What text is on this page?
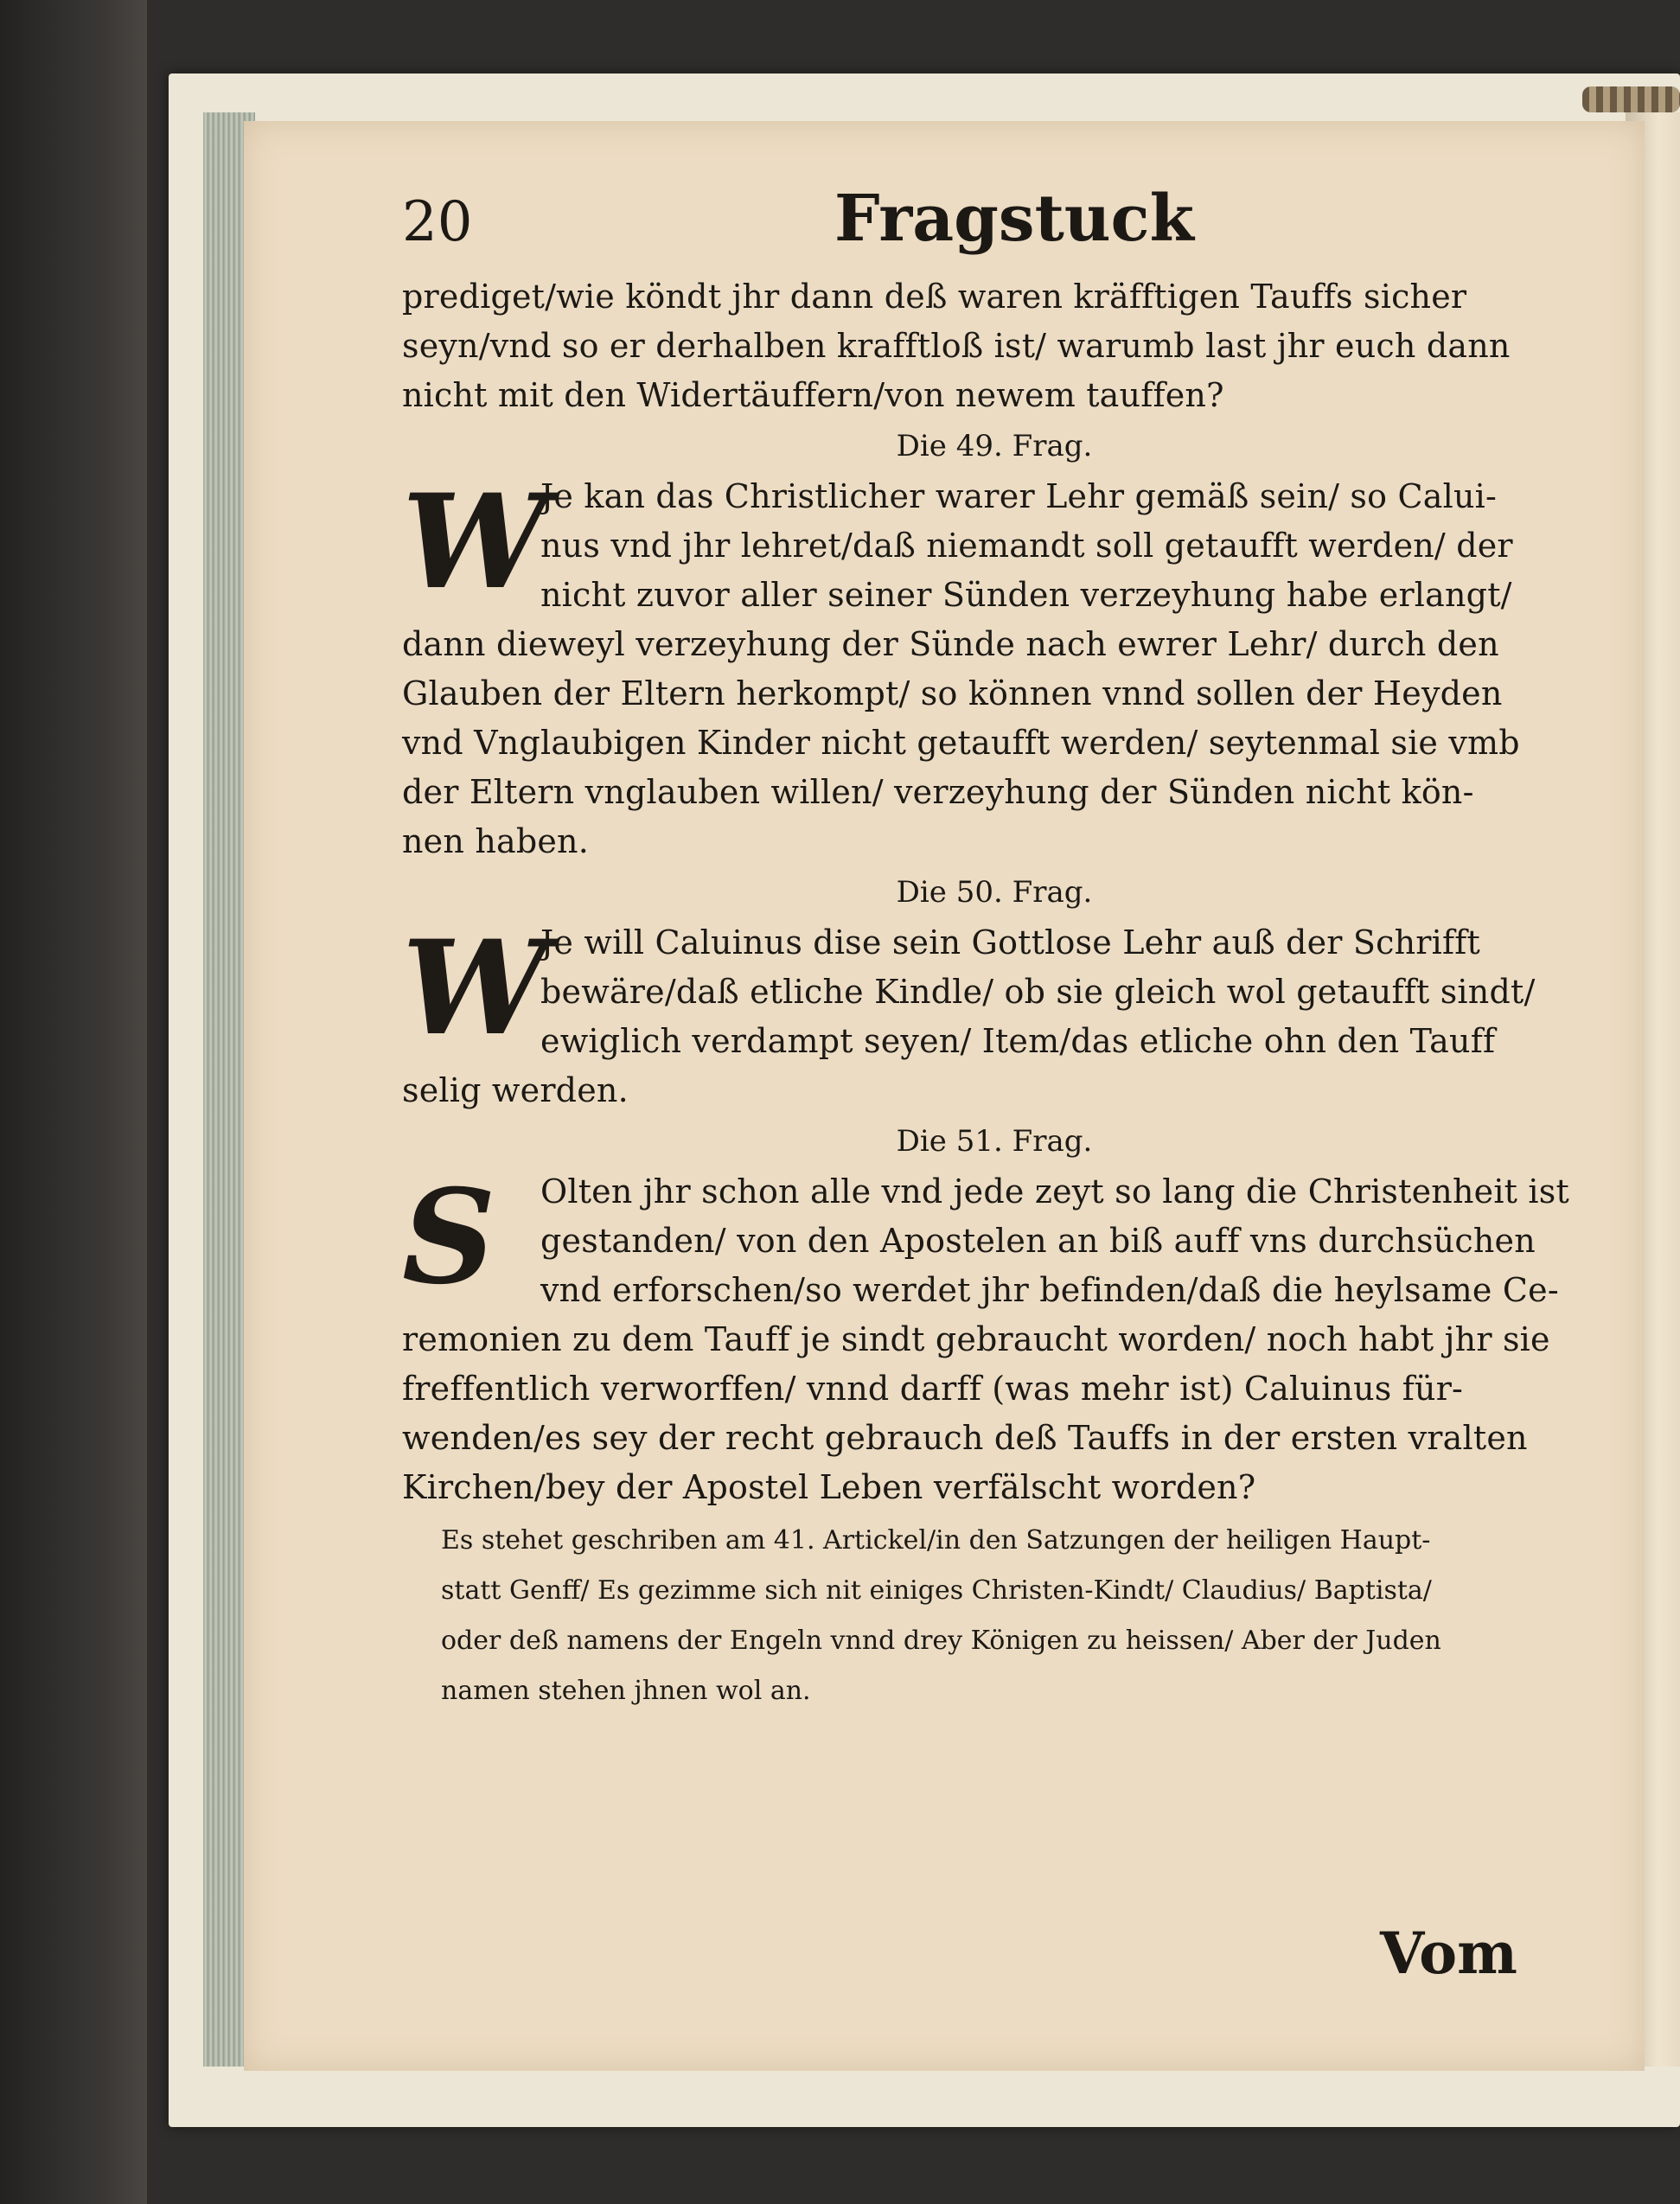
20	Fragstuck
prediget/wie köndt jhr dann deß waren kräfftigen Tauffs sicher
seyn/vnd so er derhalben krafftloß ist/ warumb last jhr euch dann
nicht mit den Widertäuffern/von newem tauffen?
Die 49. Frag.
W
Je kan das Christlicher warer Lehr gemäß sein/ so Calui-
nus vnd jhr lehret/daß niemandt soll getaufft werden/ der
nicht zuvor aller seiner Sünden verzeyhung habe erlangt/
dann dieweyl verzeyhung der Sünde nach ewrer Lehr/ durch den
Glauben der Eltern herkompt/ so können vnnd sollen der Heyden
vnd Vnglaubigen Kinder nicht getaufft werden/ seytenmal sie vmb
der Eltern vnglauben willen/ verzeyhung der Sünden nicht kön-
nen haben.
Die 50. Frag.
W
Je will Caluinus dise sein Gottlose Lehr auß der Schrifft
bewäre/daß etliche Kindle/ ob sie gleich wol getaufft sindt/
ewiglich verdampt seyen/ Item/das etliche ohn den Tauff
selig werden.
Die 51. Frag.
S	Olten jhr schon alle vnd jede zeyt so lang die Christenheit ist
gestanden/ von den Apostelen an biß auff vns durchsüchen
vnd erforschen/so werdet jhr befinden/daß die heylsame Ce-
remonien zu dem Tauff je sindt gebraucht worden/ noch habt jhr sie
freffentlich verworffen/ vnnd darff (was mehr ist) Caluinus für-
wenden/es sey der recht gebrauch deß Tauffs in der ersten vralten
Kirchen/bey der Apostel Leben verfälscht worden?
Es stehet geschriben am 41. Artickel/in den Satzungen der heiligen Haupt-
statt Genff/ Es gezimme sich nit einiges Christen-Kindt/ Claudius/ Baptista/
oder deß namens der Engeln vnnd drey Königen zu heissen/ Aber der Juden
namen stehen jhnen wol an.
Vom
